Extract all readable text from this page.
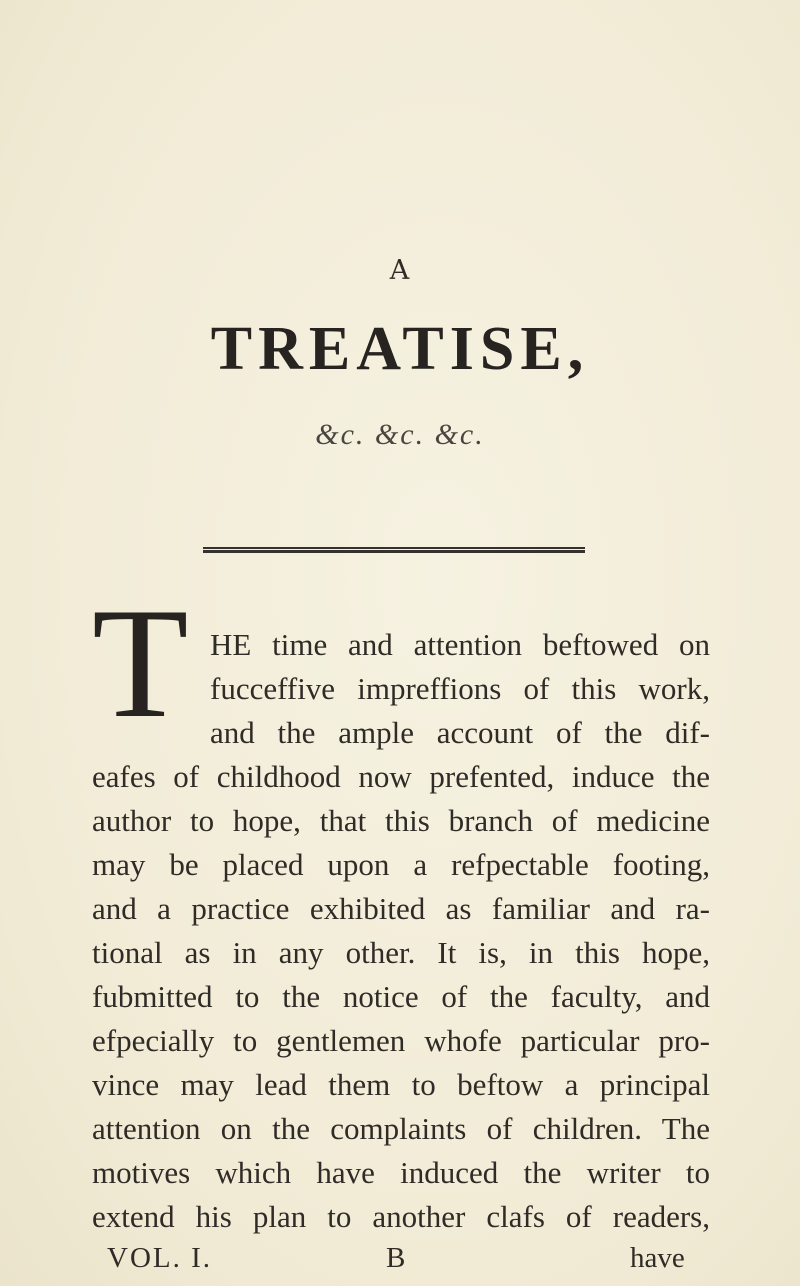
A
TREATISE,
&c. &c. &c.
T HE time and attention beftowed on
fucceffive impreffions of this work,
and the ample account of the dif-
eafes of childhood now prefented, induce the
author to hope, that this branch of medicine
may be placed upon a refpectable footing,
and a practice exhibited as familiar and ra-
tional as in any other. It is, in this hope,
fubmitted to the notice of the faculty, and
efpecially to gentlemen whofe particular pro-
vince may lead them to beftow a principal
attention on the complaints of children. The
motives which have induced the writer to
extend his plan to another clafs of readers,
VOL. I.	B	have
